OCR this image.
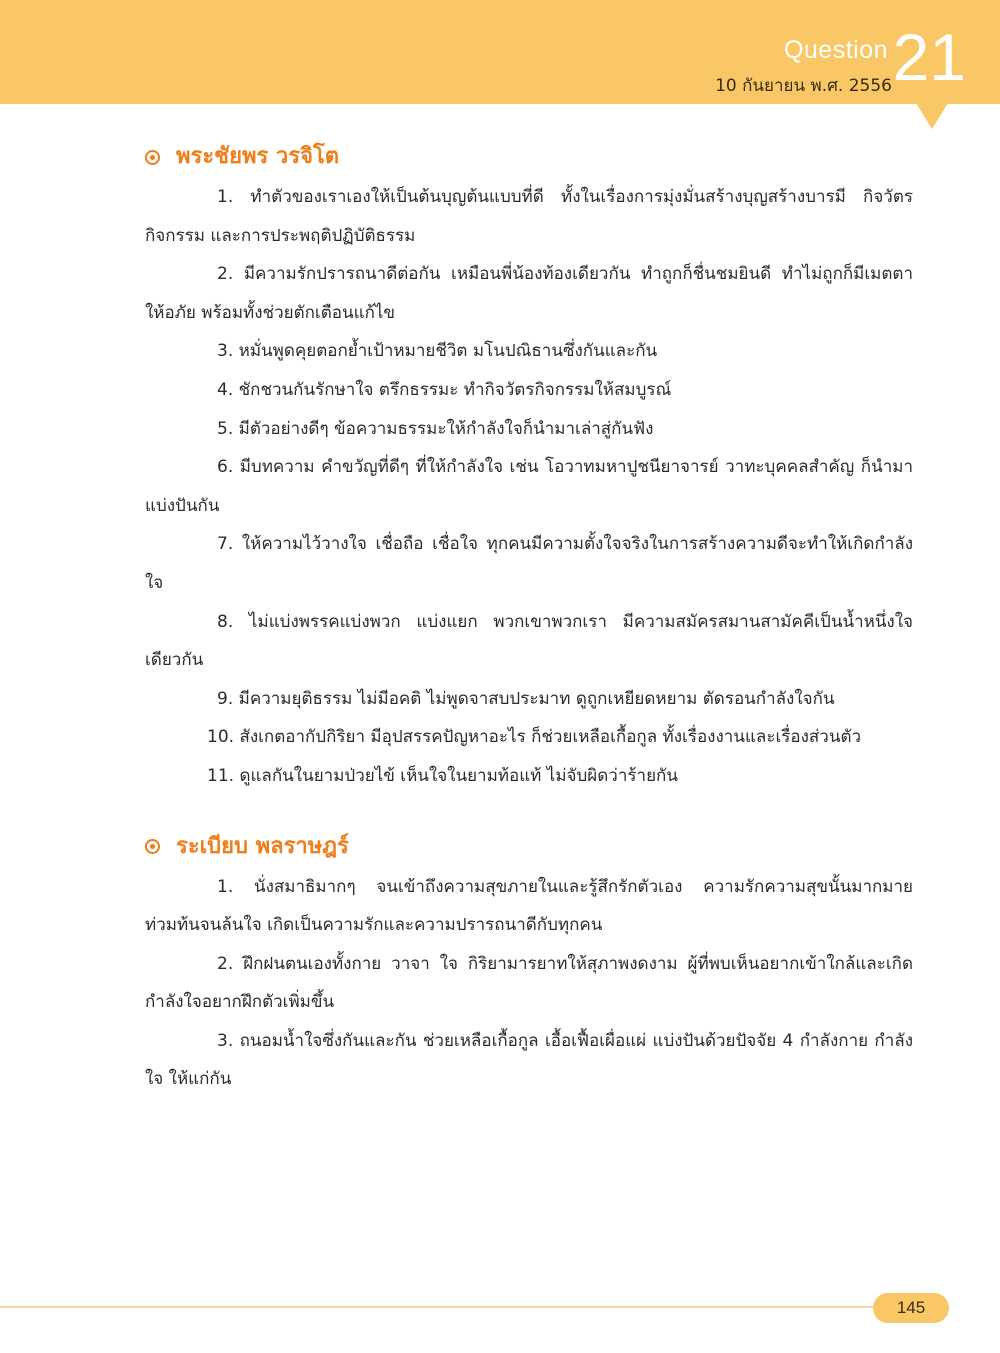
Question
10 กันยายน พ.ศ. 2556 21
พระชัยพร วรจิโต

1. ทำตัวของเราเองให้เป็นต้นบุญต้นแบบที่ดี ทั้งในเรื่องการมุ่งมั่นสร้างบุญสร้างบารมี กิจวัตรกิจกรรม และการประพฤติปฏิบัติธรรม

2. มีความรักปรารถนาดีต่อกัน เหมือนพี่น้องท้องเดียวกัน ทำถูกก็ชื่นชมยินดี ทำไม่ถูกก็มีเมตตา ให้อภัย พร้อมทั้งช่วยตักเตือนแก้ไข

3. หมั่นพูดคุยตอกย้ำเป้าหมายชีวิต มโนปณิธานซึ่งกันและกัน

4. ชักชวนกันรักษาใจ ตรึกธรรมะ ทำกิจวัตรกิจกรรมให้สมบูรณ์

5. มีตัวอย่างดีๆ ข้อความธรรมะให้กำลังใจก็นำมาเล่าสู่กันฟัง

6. มีบทความ คำขวัญที่ดีๆ ที่ให้กำลังใจ เช่น โอวาทมหาปูชนียาจารย์ วาทะบุคคลสำคัญ ก็นำมาแบ่งปันกัน

7. ให้ความไว้วางใจ เชื่อถือ เชื่อใจ ทุกคนมีความตั้งใจจริงในการสร้างความดีจะทำให้เกิดกำลังใจ

8. ไม่แบ่งพรรคแบ่งพวก แบ่งแยก พวกเขาพวกเรา มีความสมัครสมานสามัคคีเป็นน้ำหนึ่งใจเดียวกัน

9. มีความยุติธรรม ไม่มีอคติ ไม่พูดจาสบประมาท ดูถูกเหยียดหยาม ตัดรอนกำลังใจกัน

10. สังเกตอากัปกิริยา มีอุปสรรคปัญหาอะไร ก็ช่วยเหลือเกื้อกูล ทั้งเรื่องงานและเรื่องส่วนตัว

11. ดูแลกันในยามป่วยไข้ เห็นใจในยามท้อแท้ ไม่จับผิดว่าร้ายกัน

ระเบียบ พลราษฎร์

1. นั่งสมาธิมากๆ จนเข้าถึงความสุขภายในและรู้สึกรักตัวเอง ความรักความสุขนั้นมากมายท่วมท้นจนล้นใจ เกิดเป็นความรักและความปรารถนาดีกับทุกคน

2. ฝึกฝนตนเองทั้งกาย วาจา ใจ กิริยามารยาทให้สุภาพงดงาม ผู้ที่พบเห็นอยากเข้าใกล้และเกิดกำลังใจอยากฝึกตัวเพิ่มขึ้น

3. ถนอมน้ำใจซึ่งกันและกัน ช่วยเหลือเกื้อกูล เอื้อเฟื้อเผื่อแผ่ แบ่งปันด้วยปัจจัย 4 กำลังกาย กำลังใจ ให้แก่กัน

145
